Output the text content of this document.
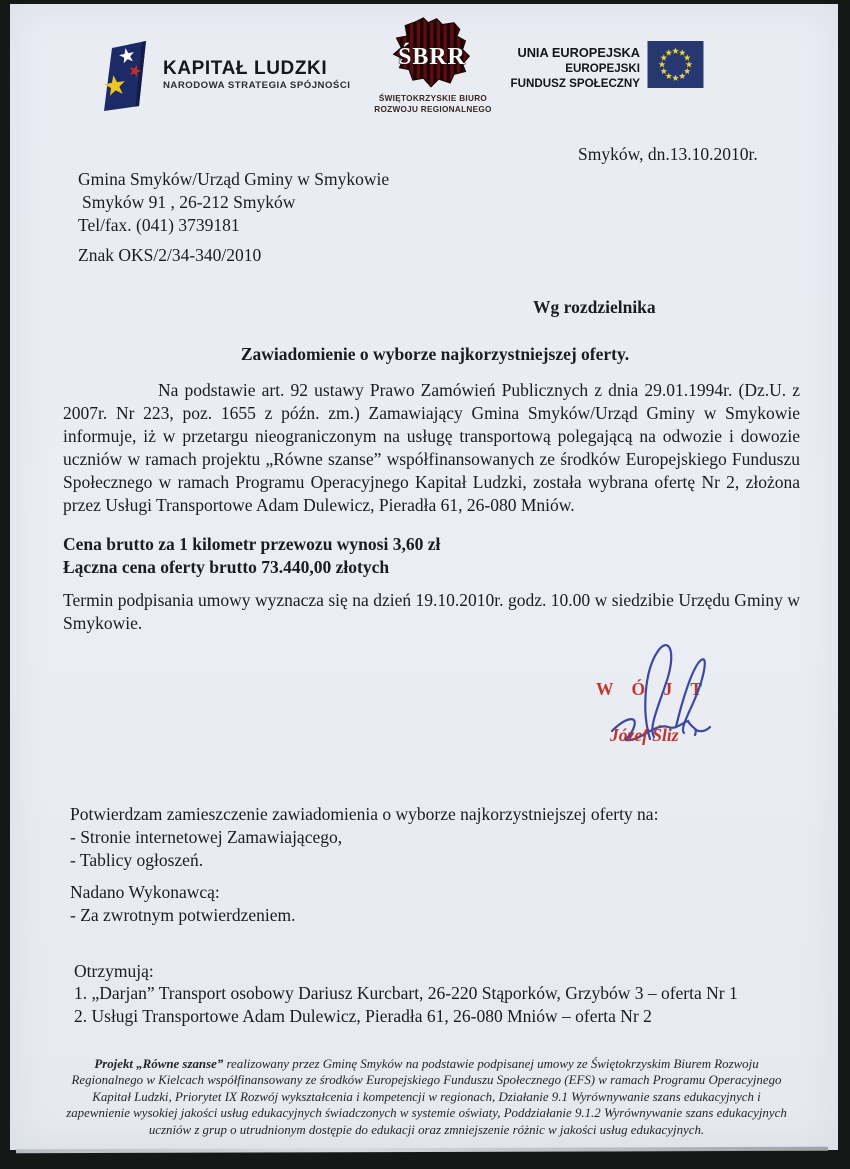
KAPITAŁ LUDZKI
NARODOWA STRATEGIA SPÓJNOŚCI
ŚBRR
ŚWIĘTOKRZYSKIE BIURO
ROZWOJU REGIONALNEGO
UNIA EUROPEJSKA
EUROPEJSKI
FUNDUSZ SPOŁECZNY
Smyków, dn.13.10.2010r.
Gmina Smyków/Urząd Gminy w Smykowie
Smyków 91 , 26-212 Smyków
Tel/fax. (041) 3739181
Znak OKS/2/34-340/2010
Wg rozdzielnika
Zawiadomienie o wyborze najkorzystniejszej oferty.
Na podstawie art. 92 ustawy Prawo Zamówień Publicznych z dnia 29.01.1994r. (Dz.U. z 2007r. Nr 223, poz. 1655 z późn. zm.) Zamawiający Gmina Smyków/Urząd Gminy w Smykowie informuje, iż w przetargu nieograniczonym na usługę transportową polegającą na odwozie i dowozie uczniów w ramach projektu „Równe szanse” współfinansowanych ze środków Europejskiego Funduszu Społecznego w ramach Programu Operacyjnego Kapitał Ludzki, została wybrana ofertę Nr 2, złożona przez Usługi Transportowe Adam Dulewicz, Pieradła 61, 26-080 Mniów.
Cena brutto za 1 kilometr przewozu wynosi 3,60 zł
Łączna cena oferty brutto 73.440,00 złotych
Termin podpisania umowy wyznacza się na dzień 19.10.2010r. godz. 10.00 w siedzibie Urzędu Gminy w Smykowie.
W Ó J T
Józef Śliz
Potwierdzam zamieszczenie zawiadomienia o wyborze najkorzystniejszej oferty na:
- Stronie internetowej Zamawiającego,
- Tablicy ogłoszeń.
Nadano Wykonawcą:
- Za zwrotnym potwierdzeniem.
Otrzymują:
1. „Darjan” Transport osobowy Dariusz Kurcbart, 26-220 Stąporków, Grzybów 3 – oferta Nr 1
2. Usługi Transportowe Adam Dulewicz, Pieradła 61, 26-080 Mniów – oferta Nr 2
Projekt „Równe szanse” realizowany przez Gminę Smyków na podstawie podpisanej umowy ze Świętokrzyskim Biurem Rozwoju Regionalnego w Kielcach współfinansowany ze środków Europejskiego Funduszu Społecznego (EFS) w ramach Programu Operacyjnego Kapitał Ludzki, Priorytet IX Rozwój wykształcenia i kompetencji w regionach, Działanie 9.1 Wyrównywanie szans edukacyjnych i zapewnienie wysokiej jakości usług edukacyjnych świadczonych w systemie oświaty, Poddziałanie 9.1.2 Wyrównywanie szans edukacyjnych uczniów z grup o utrudnionym dostępie do edukacji oraz zmniejszenie różnic w jakości usług edukacyjnych.
